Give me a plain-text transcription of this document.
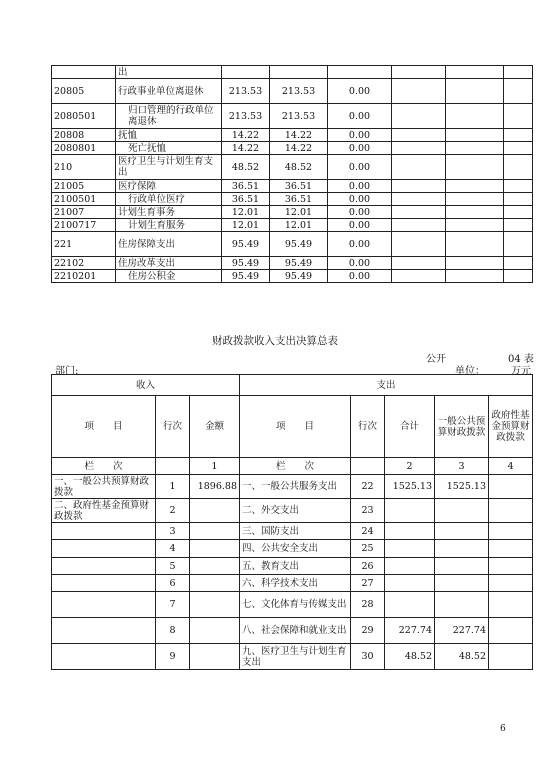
	出						
20805	行政事业单位离退休	213.53	213.53	0.00			
2080501	归口管理的行政单位离退休	213.53	213.53	0.00			
20808	抚恤	14.22	14.22	0.00			
2080801	死亡抚恤	14.22	14.22	0.00			
210	医疗卫生与计划生育支出	48.52	48.52	0.00			
21005	医疗保障	36.51	36.51	0.00			
2100501	行政单位医疗	36.51	36.51	0.00			
21007	计划生育事务	12.01	12.01	0.00			
2100717	计划生育服务	12.01	12.01	0.00			
221	住房保障支出	95.49	95.49	0.00			
22102	住房改革支出	95.49	95.49	0.00			
2210201	住房公积金	95.49	95.49	0.00			
财政拨款收入支出决算总表
公开	04 表
部门:	单位：	万元
收入			支出				
项　　目	行次	金额	项　　目	行次	合计	一般公共预算财政拨款	政府性基金预算财政拨款
栏　　次		1	栏　　次		2	3	4
一、一般公共预算财政拨款	1	1896.88	一、一般公共服务支出	22	1525.13	1525.13	
二、政府性基金预算财政拨款	2		二、外交支出	23			
	3		三、国防支出	24			
	4		四、公共安全支出	25			
	5		五、教育支出	26			
	6		六、科学技术支出	27			
	7		七、文化体育与传媒支出	28			
	8		八、社会保障和就业支出	29	227.74	227.74	
	9		九、医疗卫生与计划生育支出	30	48.52	48.52	
6
